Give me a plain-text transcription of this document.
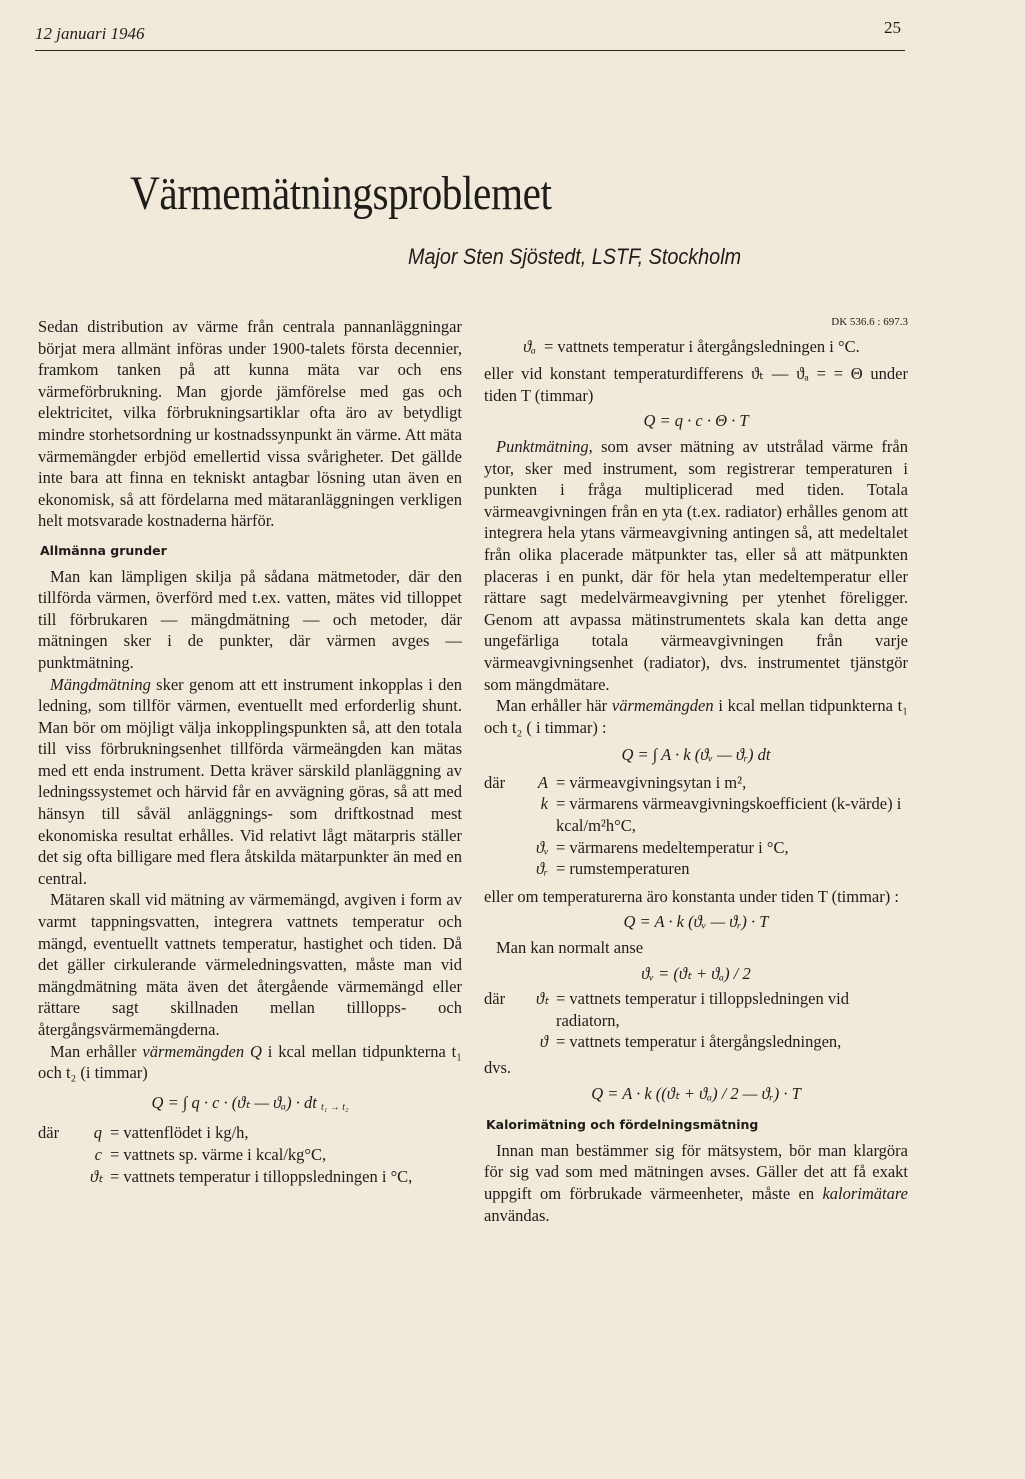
12 januari 1946	25
Värmemätningsproblemet
Major Sten Sjöstedt, LSTF, Stockholm

Sedan distribution av värme från centrala pannanläggningar börjat mera allmänt införas under 1900-talets första decennier, framkom tanken på att kunna mäta var och ens värmeförbrukning. Man gjorde jämförelse med gas och elektricitet, vilka förbrukningsartiklar ofta äro av betydligt mindre storhetsordning ur kostnadssynpunkt än värme. Att mäta värmemängder erbjöd emellertid vissa svårigheter. Det gällde inte bara att finna en tekniskt antagbar lösning utan även en ekonomisk, så att fördelarna med mätaranläggningen verkligen helt motsvarade kostnaderna härför.

Allmänna grunder

Man kan lämpligen skilja på sådana mätmetoder, där den tillförda värmen, överförd med t.ex. vatten, mätes vid tilloppet till förbrukaren — mängdmätning — och metoder, där mätningen sker i de punkter, där värmen avges — punktmätning.

Mängdmätning sker genom att ett instrument inkopplas i den ledning, som tillför värmen, eventuellt med erforderlig shunt. Man bör om möjligt välja inkopplingspunkten så, att den totala till viss förbrukningsenhet tillförda värmeängden kan mätas med ett enda instrument. Detta kräver särskild planläggning av ledningssystemet och härvid får en avvägning göras, så att med hänsyn till såväl anläggnings- som driftkostnad mest ekonomiska resultat erhålles. Vid relativt lågt mätarpris ställer det sig ofta billigare med flera åtskilda mätarpunkter än med en central.

Mätaren skall vid mätning av värmemängd, avgiven i form av varmt tappningsvatten, integrera vattnets temperatur och mängd, eventuellt vattnets temperatur, hastighet och tiden. Då det gäller cirkulerande värmeledningsvatten, måste man vid mängdmätning mäta även det återgående värmemängd eller rättare sagt skillnaden mellan tilllopps- och återgångsvärmemängderna.

Man erhåller värmemängden Q i kcal mellan tidpunkterna t₁ och t₂ (i timmar)

Q = ∫ q · c · (ϑₜ — ϑₐ) · dt $_{t_1 \to t_2}$
där	q = vattenflödet i kg/h,
c = vattnets sp. värme i kcal/kg°C,
ϑₜ = vattnets temperatur i tilloppsledningen i °C,
DK 536.6 : 697.3
ϑₐ = vattnets temperatur i återgångsledningen i °C.

eller vid konstant temperaturdifferens ϑₜ — ϑₐ = = Θ under tiden T (timmar)

Q = q · c · Θ · T

Punktmätning, som avser mätning av utstrålad värme från ytor, sker med instrument, som registrerar temperaturen i punkten i fråga multiplicerad med tiden. Totala värmeavgivningen från en yta (t.ex. radiator) erhålles genom att integrera hela ytans värmeavgivning antingen så, att medeltalet från olika placerade mätpunkter tas, eller så att mätpunkten placeras i en punkt, där för hela ytan medeltemperatur eller rättare sagt medelvärmeavgivning per ytenhet föreligger. Genom att avpassa mätinstrumentets skala kan detta ange ungefärliga totala värmeavgivningen från varje värmeavgivningsenhet (radiator), dvs. instrumentet tjänstgör som mängdmätare.

Man erhåller här värmemängden i kcal mellan tidpunkterna t₁ och t₂ ( i timmar) :

Q = ∫ A · k (ϑᵥ — ϑᵣ) dt
där	A = värmeavgivningsytan i m²,
k = värmarens värmeavgivningskoefficient (k-värde) i kcal/m²h°C,
ϑᵥ = värmarens medeltemperatur i °C,
ϑᵣ = rumstemperaturen

eller om temperaturerna äro konstanta under tiden T (timmar) :

Q = A · k (ϑᵥ — ϑᵣ) · T

Man kan normalt anse

ϑᵥ = (ϑₜ + ϑₐ) / 2
där	ϑₜ = vattnets temperatur i tilloppsledningen vid radiatorn,
ϑ = vattnets temperatur i återgångsledningen,

dvs.

Q = A · k ((ϑₜ + ϑₐ) / 2 — ϑᵣ) · T
Kalorimätning och fördelningsmätning

Innan man bestämmer sig för mätsystem, bör man klargöra för sig vad som med mätningen avses. Gäller det att få exakt uppgift om förbrukade värmeenheter, måste en kalorimätare användas.
